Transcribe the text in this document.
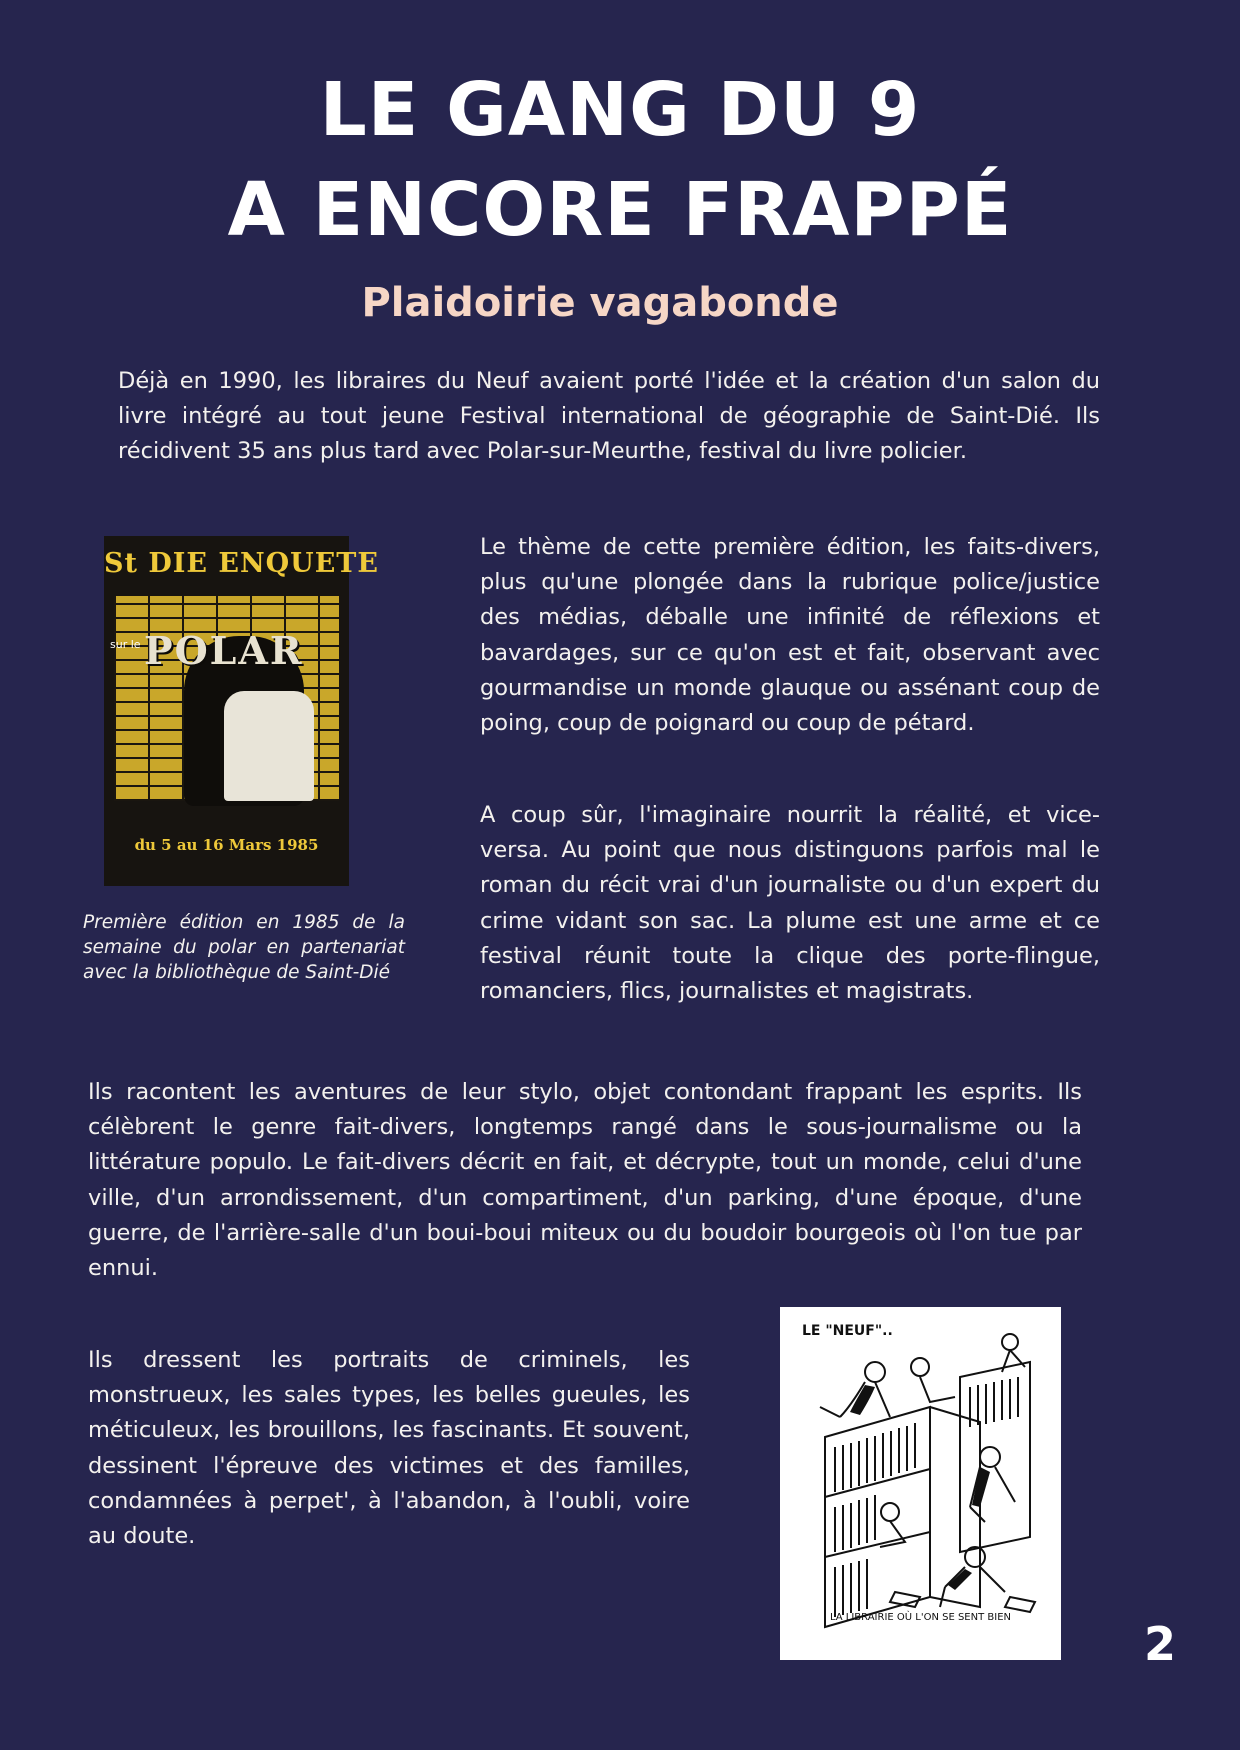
LE GANG DU 9
A ENCORE FRAPPÉ
Plaidoirie vagabonde

Déjà en 1990, les libraires du Neuf avaient porté l'idée et la création d'un salon du livre intégré au tout jeune Festival international de géographie de Saint-Dié. Ils récidivent 35 ans plus tard avec Polar-sur-Meurthe, festival du livre policier.

St DIE ENQUETE
sur le POLAR
du 5 au 16 Mars 1985

Première édition en 1985 de la semaine du polar en partenariat avec la bibliothèque de Saint-Dié

Le thème de cette première édition, les faits-divers, plus qu'une plongée dans la rubrique police/justice des médias, déballe une infinité de réflexions et bavardages, sur ce qu'on est et fait, observant avec gourmandise un monde glauque ou assénant coup de poing, coup de poignard ou coup de pétard.

A coup sûr, l'imaginaire nourrit la réalité, et vice-versa. Au point que nous distinguons parfois mal le roman du récit vrai d'un journaliste ou d'un expert du crime vidant son sac. La plume est une arme et ce festival réunit toute la clique des porte-flingue, romanciers, flics, journalistes et magistrats.

Ils racontent les aventures de leur stylo, objet contondant frappant les esprits. Ils célèbrent le genre fait-divers, longtemps rangé dans le sous-journalisme ou la littérature populo. Le fait-divers décrit en fait, et décrypte, tout un monde, celui d'une ville, d'un arrondissement, d'un compartiment, d'un parking, d'une époque, d'une guerre, de l'arrière-salle d'un boui-boui miteux ou du boudoir bourgeois où l'on tue par ennui.

Ils dressent les portraits de criminels, les monstrueux, les sales types, les belles gueules, les méticuleux, les brouillons, les fascinants. Et souvent, dessinent l'épreuve des victimes et des familles, condamnées à perpet', à l'abandon, à l'oubli, voire au doute.

LE "NEUF"..
LA LIBRAIRIE OÙ L'ON SE SENT BIEN	2
